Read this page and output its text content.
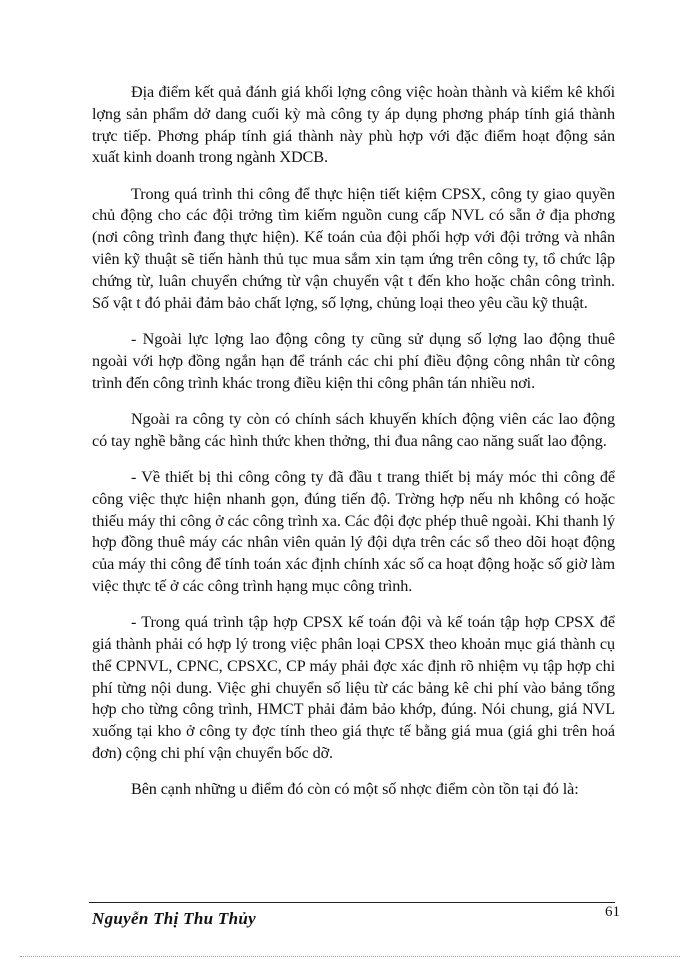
Địa điểm kết quả đánh giá khối lợng công việc hoàn thành và kiểm kê khối lợng sản phẩm dở dang cuối kỳ mà công ty áp dụng phơng pháp tính giá thành trực tiếp. Phơng pháp tính giá thành này phù hợp với đặc điểm hoạt động sản xuất kinh doanh trong ngành XDCB.

Trong quá trình thi công để thực hiện tiết kiệm CPSX, công ty giao quyền chủ động cho các đội trởng tìm kiếm nguồn cung cấp NVL có sẵn ở địa phơng (nơi công trình đang thực hiện). Kế toán của đội phối hợp với đội trởng và nhân viên kỹ thuật sẽ tiến hành thủ tục mua sắm xin tạm ứng trên công ty, tổ chức lập chứng từ, luân chuyển chứng từ vận chuyển vật t đến kho hoặc chân công trình. Số vật t đó phải đảm bảo chất lợng, số lợng, chủng loại theo yêu cầu kỹ thuật.

- Ngoài lực lợng lao động công ty cũng sử dụng số lợng lao động thuê ngoài với hợp đồng ngắn hạn để tránh các chi phí điều động công nhân từ công trình đến công trình khác trong điều kiện thi công phân tán nhiều nơi.

Ngoài ra công ty còn có chính sách khuyến khích động viên các lao động có tay nghề bằng các hình thức khen thởng, thi đua nâng cao năng suất lao động.

- Về thiết bị thi công công ty đã đầu t trang thiết bị máy móc thi công để công việc thực hiện nhanh gọn, đúng tiến độ. Trờng hợp nếu nh không có hoặc thiếu máy thi công ở các công trình xa. Các đội đợc phép thuê ngoài. Khi thanh lý hợp đồng thuê máy các nhân viên quản lý đội dựa trên các sổ theo dõi hoạt động của máy thi công để tính toán xác định chính xác số ca hoạt động hoặc số giờ làm việc thực tế ở các công trình hạng mục công trình.

- Trong quá trình tập hợp CPSX kế toán đội và kế toán tập hợp CPSX để giá thành phải có hợp lý trong việc phân loại CPSX theo khoản mục giá thành cụ thể CPNVL, CPNC, CPSXC, CP máy phải đợc xác định rõ nhiệm vụ tập hợp chi phí từng nội dung. Việc ghi chuyển số liệu từ các bảng kê chi phí vào bảng tổng hợp cho từng công trình, HMCT phải đảm bảo khớp, đúng. Nói chung, giá NVL xuống tại kho ở công ty đợc tính theo giá thực tế bằng giá mua (giá ghi trên hoá đơn) cộng chi phí vận chuyển bốc dỡ.

Bên cạnh những u điểm đó còn có một số nhợc điểm còn tồn tại đó là:

Nguyễn Thị Thu Thủy	61
